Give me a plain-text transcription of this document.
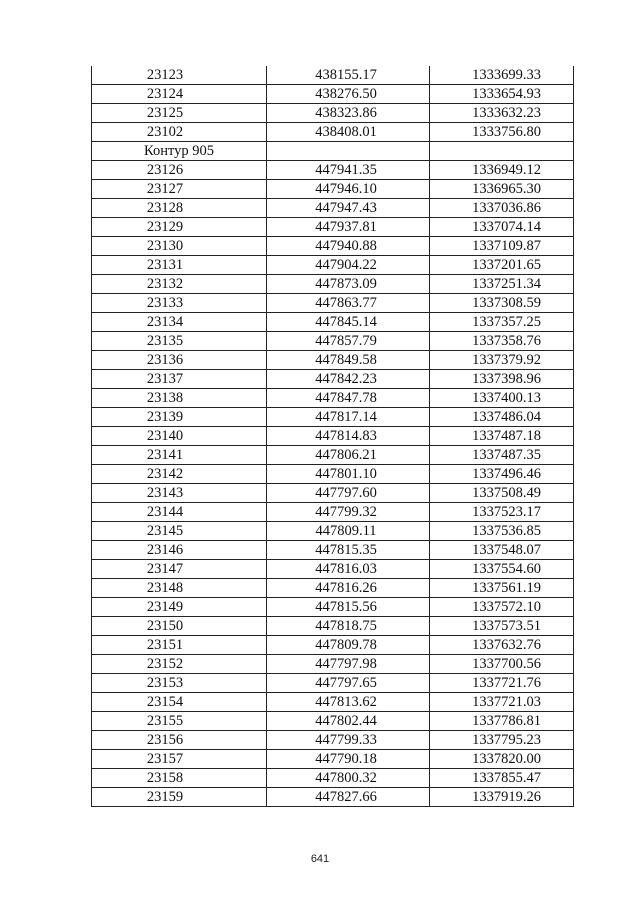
23123	438155.17	1333699.33
23124	438276.50	1333654.93
23125	438323.86	1333632.23
23102	438408.01	1333756.80
Контур 905		
23126	447941.35	1336949.12
23127	447946.10	1336965.30
23128	447947.43	1337036.86
23129	447937.81	1337074.14
23130	447940.88	1337109.87
23131	447904.22	1337201.65
23132	447873.09	1337251.34
23133	447863.77	1337308.59
23134	447845.14	1337357.25
23135	447857.79	1337358.76
23136	447849.58	1337379.92
23137	447842.23	1337398.96
23138	447847.78	1337400.13
23139	447817.14	1337486.04
23140	447814.83	1337487.18
23141	447806.21	1337487.35
23142	447801.10	1337496.46
23143	447797.60	1337508.49
23144	447799.32	1337523.17
23145	447809.11	1337536.85
23146	447815.35	1337548.07
23147	447816.03	1337554.60
23148	447816.26	1337561.19
23149	447815.56	1337572.10
23150	447818.75	1337573.51
23151	447809.78	1337632.76
23152	447797.98	1337700.56
23153	447797.65	1337721.76
23154	447813.62	1337721.03
23155	447802.44	1337786.81
23156	447799.33	1337795.23
23157	447790.18	1337820.00
23158	447800.32	1337855.47
23159	447827.66	1337919.26
641
